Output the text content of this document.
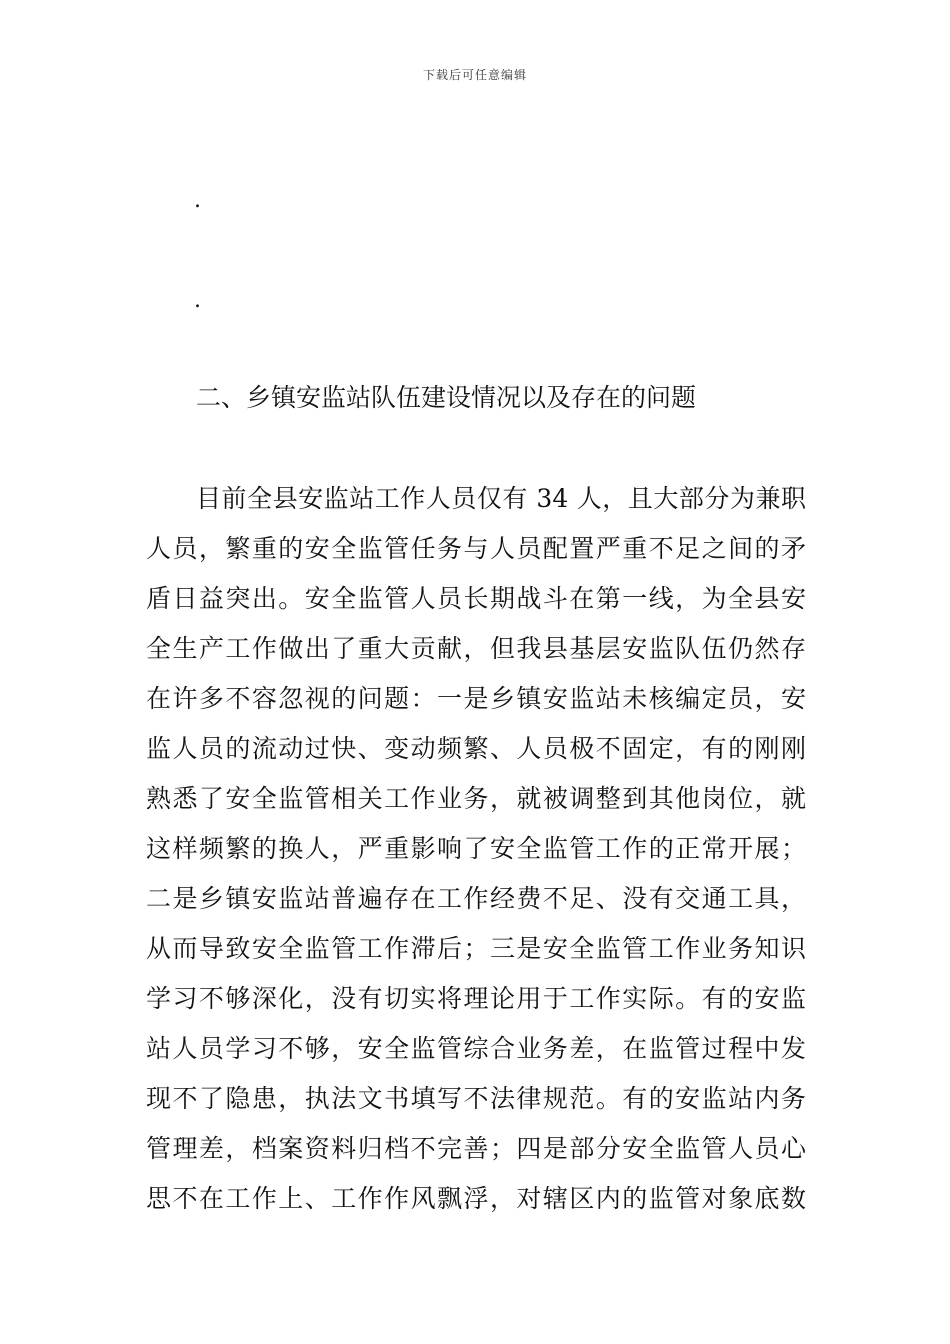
下载后可任意编辑
.
.
二、乡镇安监站队伍建设情况以及存在的问题
目前全县安监站工作人员仅有 34 人，且大部分为兼职
人员，繁重的安全监管任务与人员配置严重不足之间的矛
盾日益突出。安全监管人员长期战斗在第一线，为全县安
全生产工作做出了重大贡献，但我县基层安监队伍仍然存
在许多不容忽视的问题：一是乡镇安监站未核编定员，安
监人员的流动过快、变动频繁、人员极不固定，有的刚刚
熟悉了安全监管相关工作业务，就被调整到其他岗位，就
这样频繁的换人，严重影响了安全监管工作的正常开展；
二是乡镇安监站普遍存在工作经费不足、没有交通工具，
从而导致安全监管工作滞后；三是安全监管工作业务知识
学习不够深化，没有切实将理论用于工作实际。有的安监
站人员学习不够，安全监管综合业务差，在监管过程中发
现不了隐患，执法文书填写不法律规范。有的安监站内务
管理差，档案资料归档不完善；四是部分安全监管人员心
思不在工作上、工作作风飘浮，对辖区内的监管对象底数
